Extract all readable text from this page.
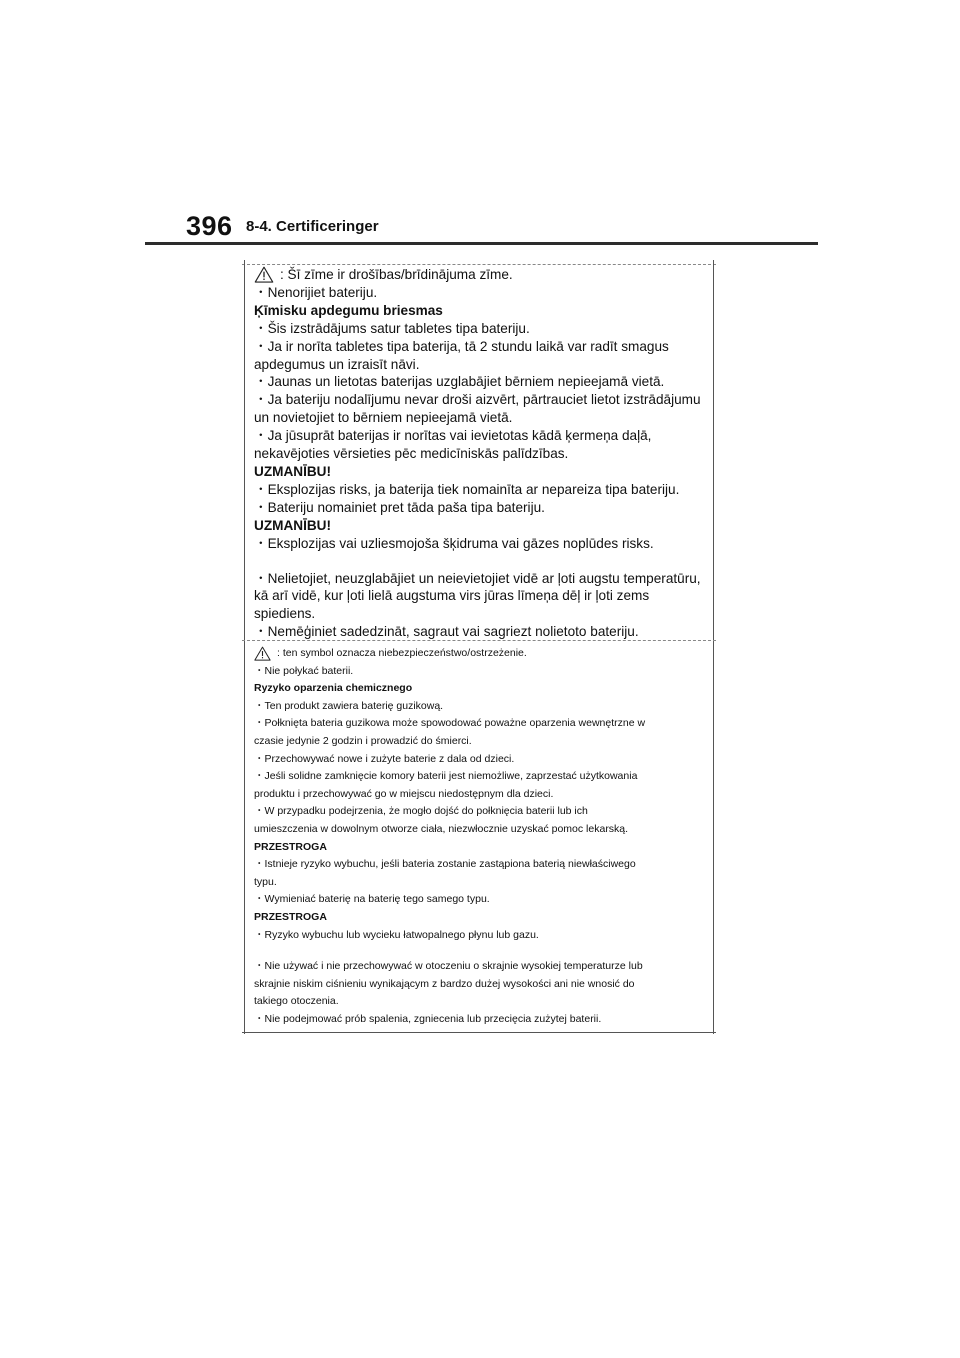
396 8-4. Certificeringer

: Šī zīme ir drošības/brīdinājuma zīme.

・Nenorijiet bateriju.

Ķīmisku apdegumu briesmas

・Šis izstrādājums satur tabletes tipa bateriju.

・Ja ir norīta tabletes tipa baterija, tā 2 stundu laikā var radīt smagus

apdegumus un izraisīt nāvi.

・Jaunas un lietotas baterijas uzglabājiet bērniem nepieejamā vietā.

・Ja bateriju nodalījumu nevar droši aizvērt, pārtrauciet lietot izstrādājumu

un novietojiet to bērniem nepieejamā vietā.

・Ja jūsuprāt baterijas ir norītas vai ievietotas kādā ķermeņa daļā,

nekavējoties vērsieties pēc medicīniskās palīdzības.

UZMANĪBU!

・Eksplozijas risks, ja baterija tiek nomainīta ar nepareiza tipa bateriju.

・Bateriju nomainiet pret tāda paša tipa bateriju.

UZMANĪBU!

・Eksplozijas vai uzliesmojoša šķidruma vai gāzes noplūdes risks.

・Nelietojiet, neuzglabājiet un neievietojiet vidē ar ļoti augstu temperatūru,

kā arī vidē, kur ļoti lielā augstuma virs jūras līmeņa dēļ ir ļoti zems

spiediens.

・Nemēģiniet sadedzināt, sagraut vai sagriezt nolietoto bateriju.

: ten symbol oznacza niebezpieczeństwo/ostrzeżenie.

・Nie połykać baterii.

Ryzyko oparzenia chemicznego

・Ten produkt zawiera baterię guzikową.

・Połknięta bateria guzikowa może spowodować poważne oparzenia wewnętrzne w

czasie jedynie 2 godzin i prowadzić do śmierci.

・Przechowywać nowe i zużyte baterie z dala od dzieci.

・Jeśli solidne zamknięcie komory baterii jest niemożliwe, zaprzestać użytkowania

produktu i przechowywać go w miejscu niedostępnym dla dzieci.

・W przypadku podejrzenia, że mogło dojść do połknięcia baterii lub ich

umieszczenia w dowolnym otworze ciała, niezwłocznie uzyskać pomoc lekarską.

PRZESTROGA

・Istnieje ryzyko wybuchu, jeśli bateria zostanie zastąpiona baterią niewłaściwego

typu.

・Wymieniać baterię na baterię tego samego typu.

PRZESTROGA

・Ryzyko wybuchu lub wycieku łatwopalnego płynu lub gazu.

・Nie używać i nie przechowywać w otoczeniu o skrajnie wysokiej temperaturze lub

skrajnie niskim ciśnieniu wynikającym z bardzo dużej wysokości ani nie wnosić do

takiego otoczenia.

・Nie podejmować prób spalenia, zgniecenia lub przecięcia zużytej baterii.
